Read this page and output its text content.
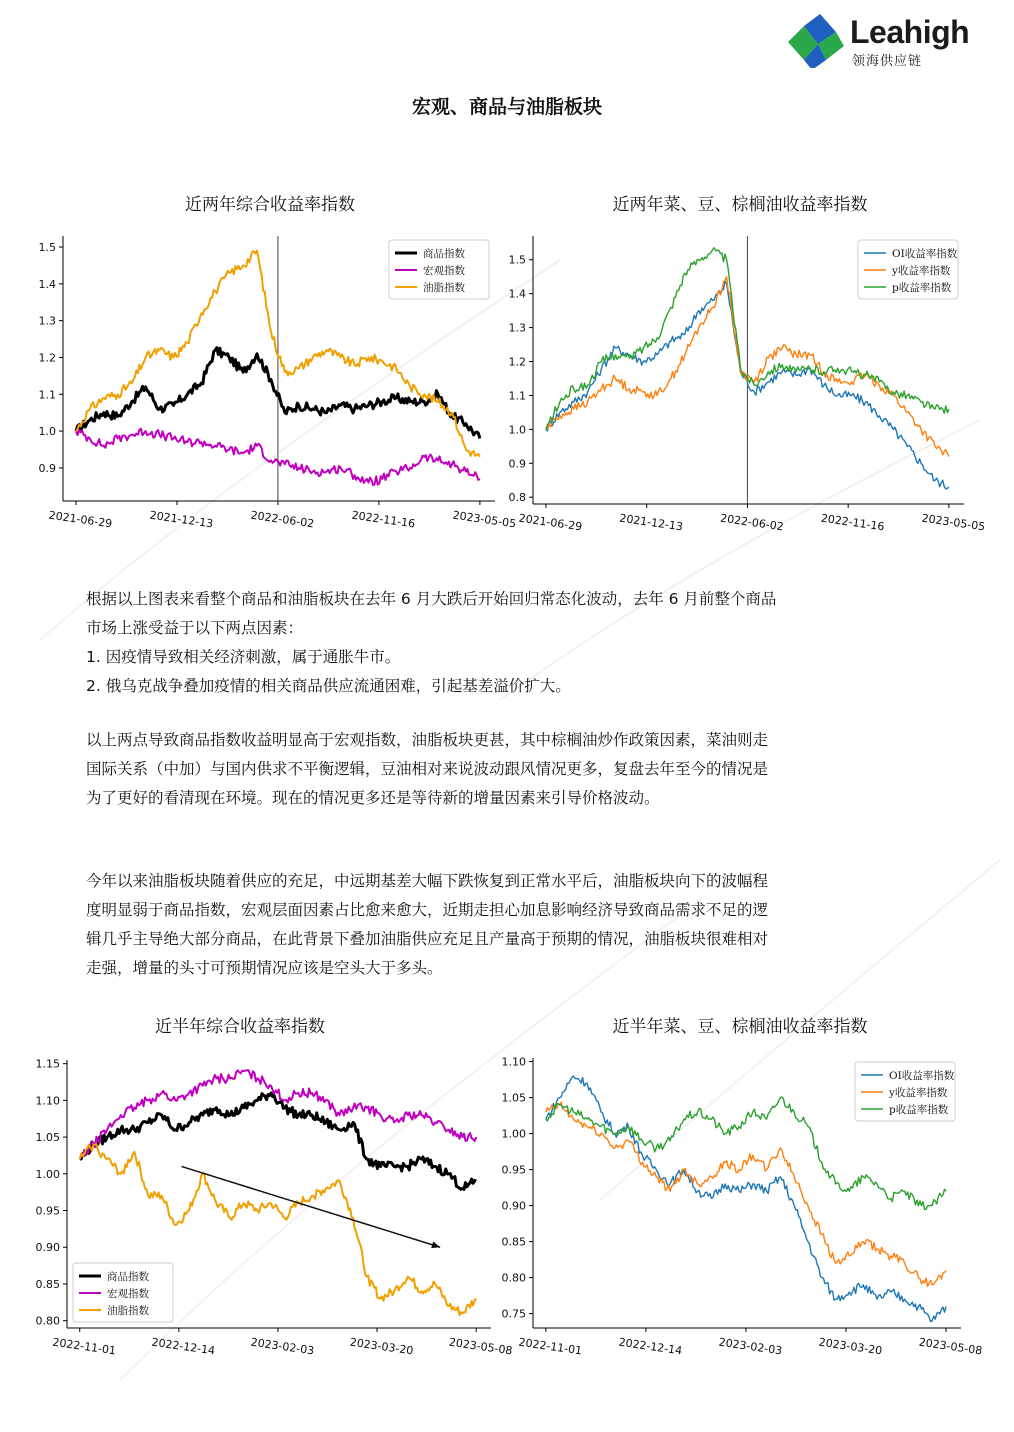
Leahigh
领海供应链
宏观、商品与油脂板块
近两年综合收益率指数
0.9
1.0
1.1
1.2
1.3
1.4
1.5
2021-06-29	2021-12-13	2022-06-02	2022-11-16	2023-05-05
商品指数
宏观指数
油脂指数
近两年菜、豆、棕榈油收益率指数
0.8
0.9
1.0
1.1
1.2
1.3
1.4
1.5
2021-06-29	2021-12-13	2022-06-02	2022-11-16	2023-05-05
OI收益率指数
y收益率指数
p收益率指数

根据以上图表来看整个商品和油脂板块在去年 6 月大跌后开始回归常态化波动，去年 6 月前整个商品

市场上涨受益于以下两点因素：

1. 因疫情导致相关经济刺激，属于通胀牛市。

2. 俄乌克战争叠加疫情的相关商品供应流通困难，引起基差溢价扩大。

以上两点导致商品指数收益明显高于宏观指数，油脂板块更甚，其中棕榈油炒作政策因素，菜油则走

国际关系（中加）与国内供求不平衡逻辑，豆油相对来说波动跟风情况更多，复盘去年至今的情况是

为了更好的看清现在环境。现在的情况更多还是等待新的增量因素来引导价格波动。

今年以来油脂板块随着供应的充足，中远期基差大幅下跌恢复到正常水平后，油脂板块向下的波幅程

度明显弱于商品指数，宏观层面因素占比愈来愈大，近期走担心加息影响经济导致商品需求不足的逻

辑几乎主导绝大部分商品，在此背景下叠加油脂供应充足且产量高于预期的情况，油脂板块很难相对

走强，增量的头寸可预期情况应该是空头大于多头。

近半年综合收益率指数
0.80
0.85
0.90
0.95
1.00
1.05
1.10
1.15
2022-11-01	2022-12-14	2023-02-03	2023-03-20	2023-05-08
商品指数
宏观指数
油脂指数
近半年菜、豆、棕榈油收益率指数
0.75
0.80
0.85
0.90
0.95
1.00
1.05
1.10
2022-11-01	2022-12-14	2023-02-03	2023-03-20	2023-05-08
OI收益率指数
y收益率指数
p收益率指数
